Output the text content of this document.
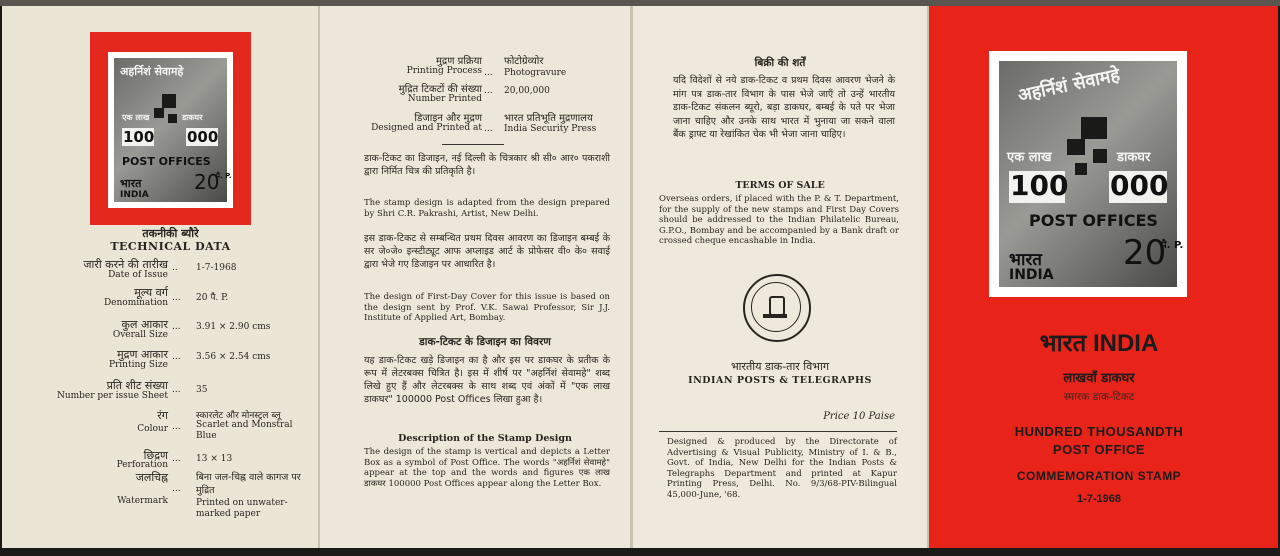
अहर्निशं सेवामहे
एक लाख	डाकघर
100 000
POST OFFICES
भारत
INDIA
20
पै. P.
तकनीकी ब्यौरे
TECHNICAL DATA
जारी करने की तारीख
Date of Issue
.. 1-7-1968
मूल्य वर्ग
Denomination ... 20 पै. P.
कुल आकार
Overall Size
... 3.91 × 2.90 cms
मुद्रण आकार
Printing Size
... 3.56 × 2.54 cms
प्रति शीट संख्या
Number per issue Sheet
... 35
रंग
Colour
स्कारलेट और मोनस्ट्रल ब्लू
... Scarlet and Monstral Blue
छिद्रण
Perforation
... 13 × 13
जलचिह्न
Watermark
बिना जल-चिह्न वाले कागज पर मुद्रित
...
Printed on unwater-marked paper
मुद्रण प्रक्रिया
Printing Process
फोटोग्रेव्योर
... Photogravure
मुद्रित टिकटों की संख्या
Number Printed
... 20,00,000
डिजाइन और मुद्रण
Designed and Printed at
भारत प्रतिभूति मुद्रणालय
... India Security Press
डाक-टिकट का डिजाइन, नई दिल्ली के चित्रकार श्री सी० आर० पकराशी द्वारा निर्मित चित्र की प्रतिकृति है।
The stamp design is adapted from the design prepared by Shri C.R. Pakrashi, Artist, New Delhi.
इस डाक-टिकट से सम्बन्धित प्रथम दिवस आवरण का डिजाइन बम्बई के सर जे०जे० इन्स्टीट्यूट आफ अप्लाइड आर्ट के प्रोफेसर वी० के० सवाई द्वारा भेजे गए डिजाइन पर आधारित है।
The design of First-Day Cover for this issue is based on the design sent by Prof. V.K. Sawai Professor, Sir J.J. Institute of Applied Art, Bombay.
डाक-टिकट के डिजाइन का विवरण
यह डाक-टिकट खड़े डिजाइन का है और इस पर डाकघर के प्रतीक के रूप में लेटरबक्स चित्रित है। इस में शीर्ष पर "अहर्निशं सेवामहे" शब्द लिखे हुए हैं और लेटरबक्स के साथ शब्द एवं अंकों में "एक लाख डाकघर" 100000 Post Offices लिखा हुआ है।
Description of the Stamp Design
The design of the stamp is vertical and depicts a Letter Box as a symbol of Post Office. The words "अहर्निशं सेवामहे" appear at the top and the words and figures एक लाख डाकघर 100000 Post Offices appear along the Letter Box.
बिक्री की शर्तें
यदि विदेशों से नये डाक-टिकट व प्रथम दिवस आवरण भेजने के मांग पत्र डाक-तार विभाग के पास भेजे जाएँ तो उन्हें भारतीय डाक-टिकट संकलन ब्यूरो, बड़ा डाकघर, बम्बई के पते पर भेजा जाना चाहिए और उनके साथ भारत में भुनाया जा सकने वाला बैंक ड्राफ्ट या रेखांकित चेक भी भेजा जाना चाहिए।
TERMS OF SALE
Overseas orders, if placed with the P. & T. Department, for the supply of the new stamps and First Day Covers should be addressed to the Indian Philatelic Bureau, G.P.O., Bombay and be accompanied by a Bank draft or crossed cheque encashable in India.
भारतीय डाक-तार विभाग
INDIAN POSTS & TELEGRAPHS
Price 10 Paise
Designed & produced by the Directorate of Advertising & Visual Publicity, Ministry of I. & B., Govt. of India, New Delhi for the Indian Posts & Telegraphs Department and printed at Kapur Printing Press, Delhi. No. 9/3/68-PIV-Bilingual 45,000-June, '68.
अहर्निशं सेवामहे
एक लाख	डाकघर
100 000
POST OFFICES
भारत
INDIA
20
पै. P.
भारत INDIA
लाखवाँ डाकघर
स्मारक डाक-टिकट
HUNDRED THOUSANDTH
POST OFFICE
COMMEMORATION STAMP
1-7-1968
